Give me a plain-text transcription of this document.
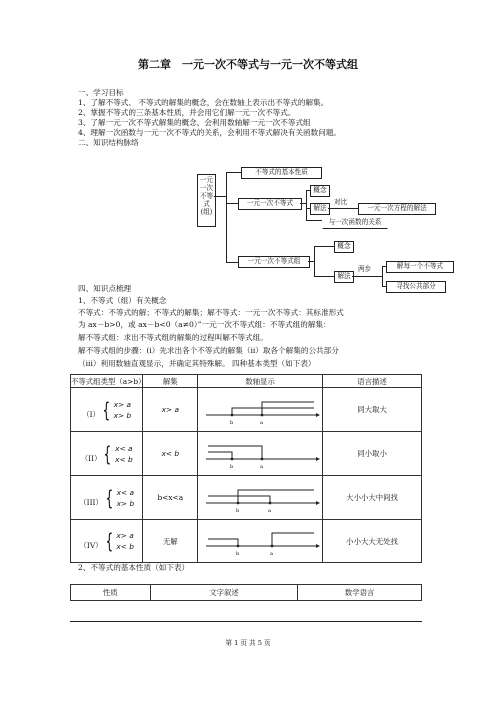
第二章　一元一次不等式与一元一次不等式组
一、学习目标
1、了解不等式、 不等式的解集的概念，会在数轴上表示出不等式的解集。
2、掌握不等式的三条基本性质，并会用它们解一元一次不等式。
3、了解一元一次不等式解集的概念，会利用数轴解一元一次不等式组
4、理解一次函数与一元一次不等式的关系，会利用不等式解决有关函数问题。
二、知识结构脉络
一元一次不等式(组)
不等式的基本性质
一元一次不等式
概念
解法
对比
一元一次方程的解法
与一次函数的关系
一元一次不等式组
概念
解法
两步	解每一个不等式
寻找公共部分
四、知识点梳理
1、不等式（组）有关概念
不等式：不等式的解；不等式的解集；解不等式：一元一次不等式：其标准形式
为 ax－b>0，或 ax－b<0（a≠0）”一元一次不等式组：不等式组的解集：
解不等式组：求出不等式组的解集的过程叫解不等式组。
解不等式组的步骤：(i）先求出各个不等式的解集（ii）取各个解集的公共部分
（iii）利用数轴直观显示，并确定其特殊解。 四种基本类型（如下表）
不等式组类型（a>b）	解集	数轴显示	语言描述
（I） { x> a
x> b	x> a	b a	同大取大
（II） { x< a
x< b	x< b	b a	同小取小
（III） { x< a
x> b	b<x<a	b a	大小小大中间找
（IV） { x> a
x< b	无解	b a	小小大大无处找
2、不等式的基本性质（如下表）
性质	文字叙述	数学语言
第 1 页 共 5 页
